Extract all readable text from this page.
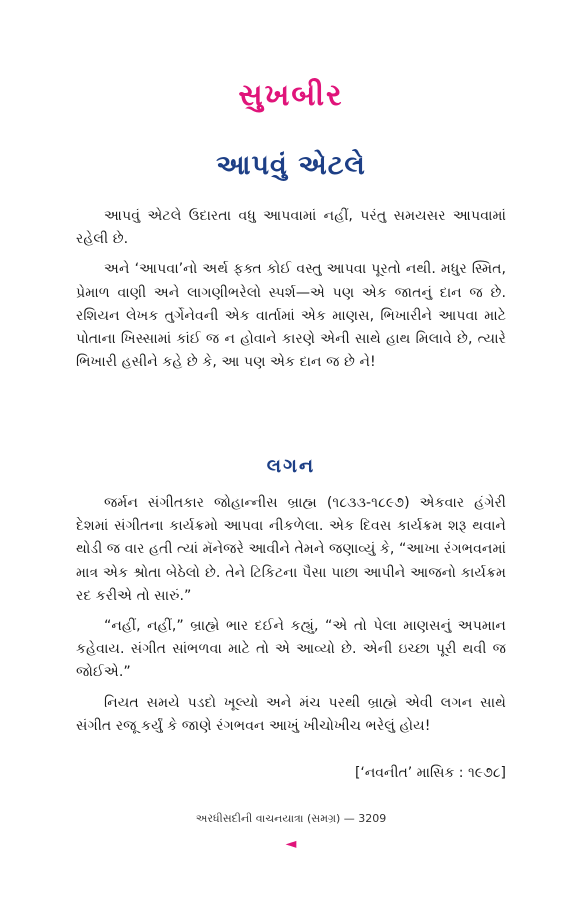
સુખબીર
આપવું એટલે

આપવું એટલે ઉદારતા વધુ આપવામાં નહીં, પરંતુ સમયસર આપવામાં રહેલી છે.

અને ‘આપવા’નો અર્થ ફક્ત કોઈ વસ્તુ આપવા પૂરતો નથી. મધુર સ્મિત, પ્રેમાળ વાણી અને લાગણીભરેલો સ્પર્શ—એ પણ એક જાતનું દાન જ છે. રશિયન લેખક તુર્ગેનેવની એક વાર્તામાં એક માણસ, ભિખારીને આપવા માટે પોતાના ખિસ્સામાં કાંઈ જ ન હોવાને કારણે એની સાથે હાથ મિલાવે છે, ત્યારે ભિખારી હસીને કહે છે કે, આ પણ એક દાન જ છે ને!

લગન

જર્મન સંગીતકાર જોહાન્નીસ બ્રાહ્મ (૧૮૩૩-૧૮૯૭) એકવાર હંગેરી દેશમાં સંગીતના કાર્યક્રમો આપવા નીકળેલા. એક દિવસ કાર્યક્રમ શરૂ થવાને થોડી જ વાર હતી ત્યાં મૅનેજરે આવીને તેમને જણાવ્યું કે, “આખા રંગભવનમાં માત્ર એક શ્રોતા બેઠેલો છે. તેને ટિકિટના પૈસા પાછા આપીને આજનો કાર્યક્રમ રદ કરીએ તો સારું.”

“નહીં, નહીં,” બ્રાહ્મે ભાર દઈને કહ્યું, “એ તો પેલા માણસનું અપમાન કહેવાય. સંગીત સાંભળવા માટે તો એ આવ્યો છે. એની ઇચ્છા પૂરી થવી જ જોઈએ.”

નિયત સમયે પડદો ખૂલ્યો અને મંચ પરથી બ્રાહ્મે એવી લગન સાથે સંગીત રજૂ કર્યું કે જાણે રંગભવન આખું ખીચોખીચ ભરેલું હોય!

[‘નવનીત’ માસિક : ૧૯૭૮]
અરધીસદીની વાચનયાત્રા (સમગ્ર) — 3209
◄
